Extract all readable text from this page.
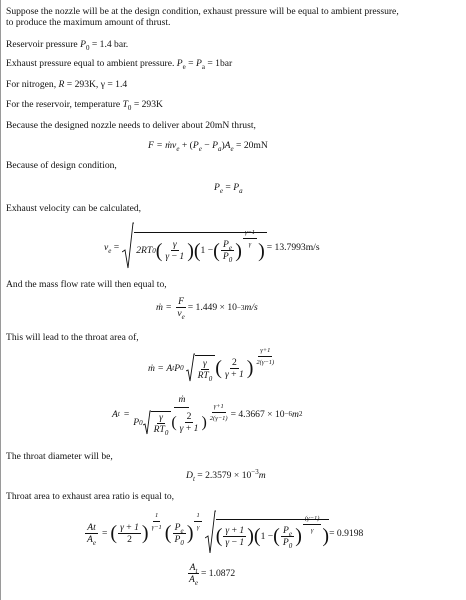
Suppose the nozzle will be at the design condition, exhaust pressure will be equal to ambient pressure,
to produce the maximum amount of thrust.
Reservoir pressure $P_0 = 1.4$ bar.
Exhaust pressure equal to ambient pressure. $P_e = P_a = 1bar$
For nitrogen, R = 293K, γ = 1.4
For the reservoir, temperature $T_0 = 293K$
Because the designed nozzle needs to deliver about 20mN thrust,
F = ṁv$_e$ + $(P_e - P_a)A_e = 20mN$
Because of design condition,
$P_e = P_a$
Exhaust velocity can be calculated,
$v_e = 2RT$ 0 ( $\frac{\gamma}{\gamma - 1}$ ) ( 1 − ( $\frac{P_e}{P_0}$ )
$^{\frac{\gamma-1}{\gamma}}$
) = 13.7993m/s
And the mass flow rate will then equal to,
ṁ = $\frac{F}{v_e} = 1.449 \times 10 -3$ m/s
This will lead to the throat area of,
ṁ = A t P $0 \frac{\gamma}{RT_0}$ ( $\frac{2}{\gamma + 1}$ )
$^{\frac{\gamma+1}{2(\gamma-1)}}$
A t =
ṁ
P $0 \frac{\gamma}{RT_0}$ ( $\frac{2}{\gamma + 1}$ ) $^{\frac{\gamma+1}{2(\gamma-1)}}$ = 4.3667 × 10 −6 m 2
The throat diameter will be,
$D_t = 2.3579 \times 10^{-3}m$
Throat area to exhaust area ratio is equal to,
$\frac{At}{A_e}$ = ( $\frac{\gamma + 1}{2}$ )
$^{\frac{1}{\gamma-1}}$
( $\frac{P_e}{P_0}$ )
$^{\frac{1}{\gamma}}$
( $\frac{\gamma + 1}{\gamma - 1}$ ) ( 1 − ( $\frac{P_e}{P_0}$ )
$^{\frac{(\gamma-1)}{\gamma}}$
) = 0.9198
$\frac{A_t}{A_e} = 1.0872$
